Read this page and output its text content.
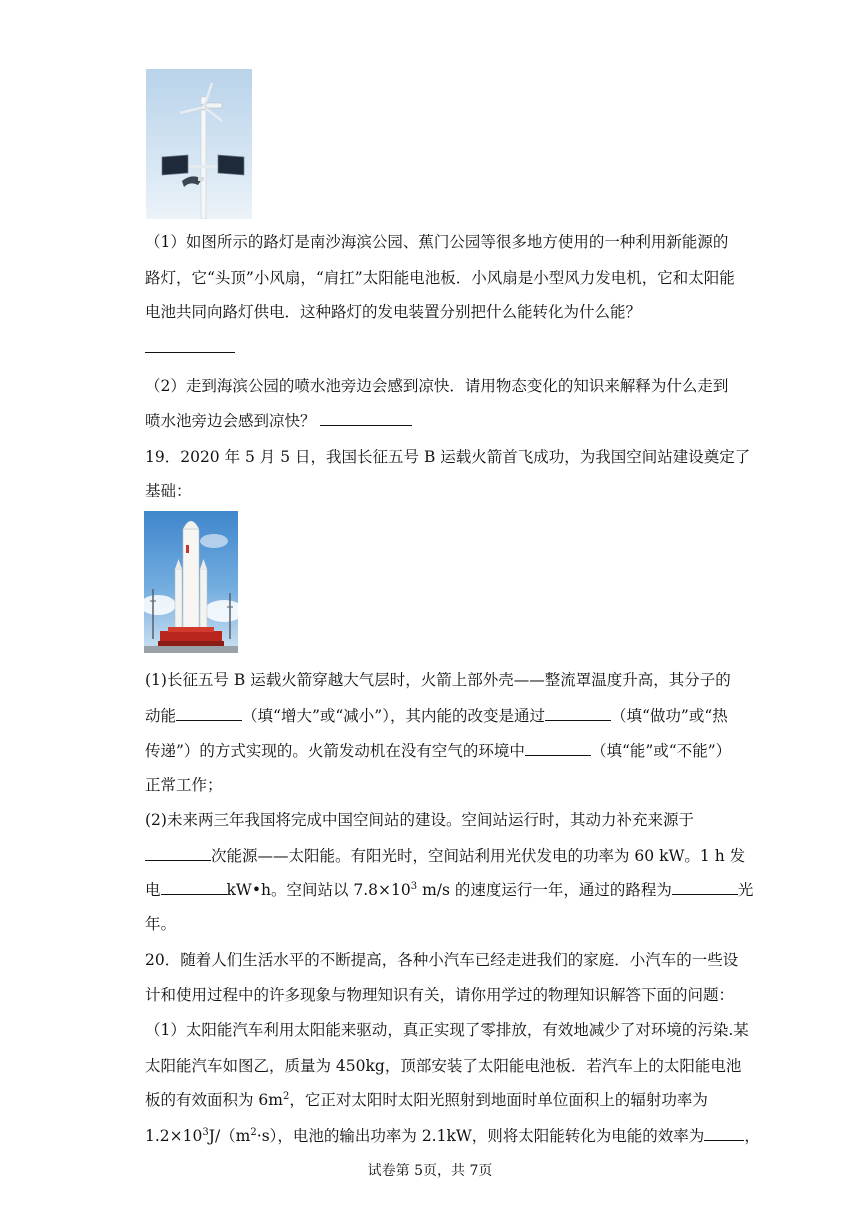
（1）如图所示的路灯是南沙海滨公园、蕉门公园等很多地方使用的一种利用新能源的
路灯，它“头顶”小风扇，“肩扛”太阳能电池板．小风扇是小型风力发电机，它和太阳能
电池共同向路灯供电．这种路灯的发电装置分别把什么能转化为什么能？
（2）走到海滨公园的喷水池旁边会感到凉快．请用物态变化的知识来解释为什么走到
喷水池旁边会感到凉快？
19．2020 年 5 月 5 日，我国长征五号 B 运载火箭首飞成功，为我国空间站建设奠定了
基础：
(1)长征五号 B 运载火箭穿越大气层时，火箭上部外壳——整流罩温度升高，其分子的
动能	（填“增大”或“减小”），其内能的改变是通过	（填“做功”或“热
传递”）的方式实现的。火箭发动机在没有空气的环境中	（填“能”或“不能”）
正常工作；
(2)未来两三年我国将完成中国空间站的建设。空间站运行时，其动力补充来源于
次能源——太阳能。有阳光时，空间站利用光伏发电的功率为 60 kW。1 h 发
电	kW•h。空间站以 $7.8\times 10^3$ m/s 的速度运行一年，通过的路程为	光
年。
20．随着人们生活水平的不断提高，各种小汽车已经走进我们的家庭．小汽车的一些设
计和使用过程中的许多现象与物理知识有关，请你用学过的物理知识解答下面的问题：
（1）太阳能汽车利用太阳能来驱动，真正实现了零排放，有效地减少了对环境的污染.某
太阳能汽车如图乙，质量为 450kg，顶部安装了太阳能电池板．若汽车上的太阳能电池
板的有效面积为 $6m^2$，它正对太阳时太阳光照射到地面时单位面积上的辐射功率为
$1.2\times 10^3J/(m^2\cdot s)$，电池的输出功率为 2.1kW，则将太阳能转化为电能的效率为	，
试卷第 5页，共 7页
